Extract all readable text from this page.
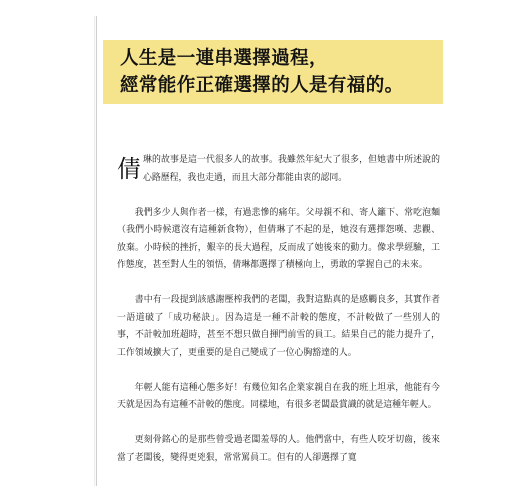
人生是一連串選擇過程，
經常能作正確選擇的人是有福的。

倩琳的故事是這一代很多人的故事。我雖然年紀大了很多，但她書中所述說的心路歷程，我也走過，而且大部分都能由衷的認同。

我們多少人與作者一樣，有過悲慘的痛年。父母親不和、寄人籬下、常吃泡麵（我們小時候還沒有這種新食物），但倩琳了不起的是，她沒有選擇怨嘆、悲觀、放棄。小時候的挫折，艱辛的長大過程，反而成了她後來的動力。像求學經驗，工作態度，甚至對人生的領悟，倩琳都選擇了積極向上，勇敢的掌握自己的未來。

書中有一段提到該感謝壓榨我們的老闆，我對這點真的是感觸良多，其實作者一語道破了「成功秘訣」。因為這是一種不計較的態度，不計較做了一些別人的事，不計較加班超時，甚至不想只做自揮門前雪的員工。結果自己的能力提升了，工作領域擴大了，更重要的是自己變成了一位心胸豁達的人。

年輕人能有這種心態多好！有幾位知名企業家親自在我的班上坦承，他能有今天就是因為有這種不計較的態度。同樣地，有很多老闆最賞識的就是這種年輕人。

更刻骨銘心的是那些曾受過老闆羞辱的人。他們當中，有些人咬牙切齒，後來當了老闆後，變得更兇狠，常常罵員工。但有的人卻選擇了寬
